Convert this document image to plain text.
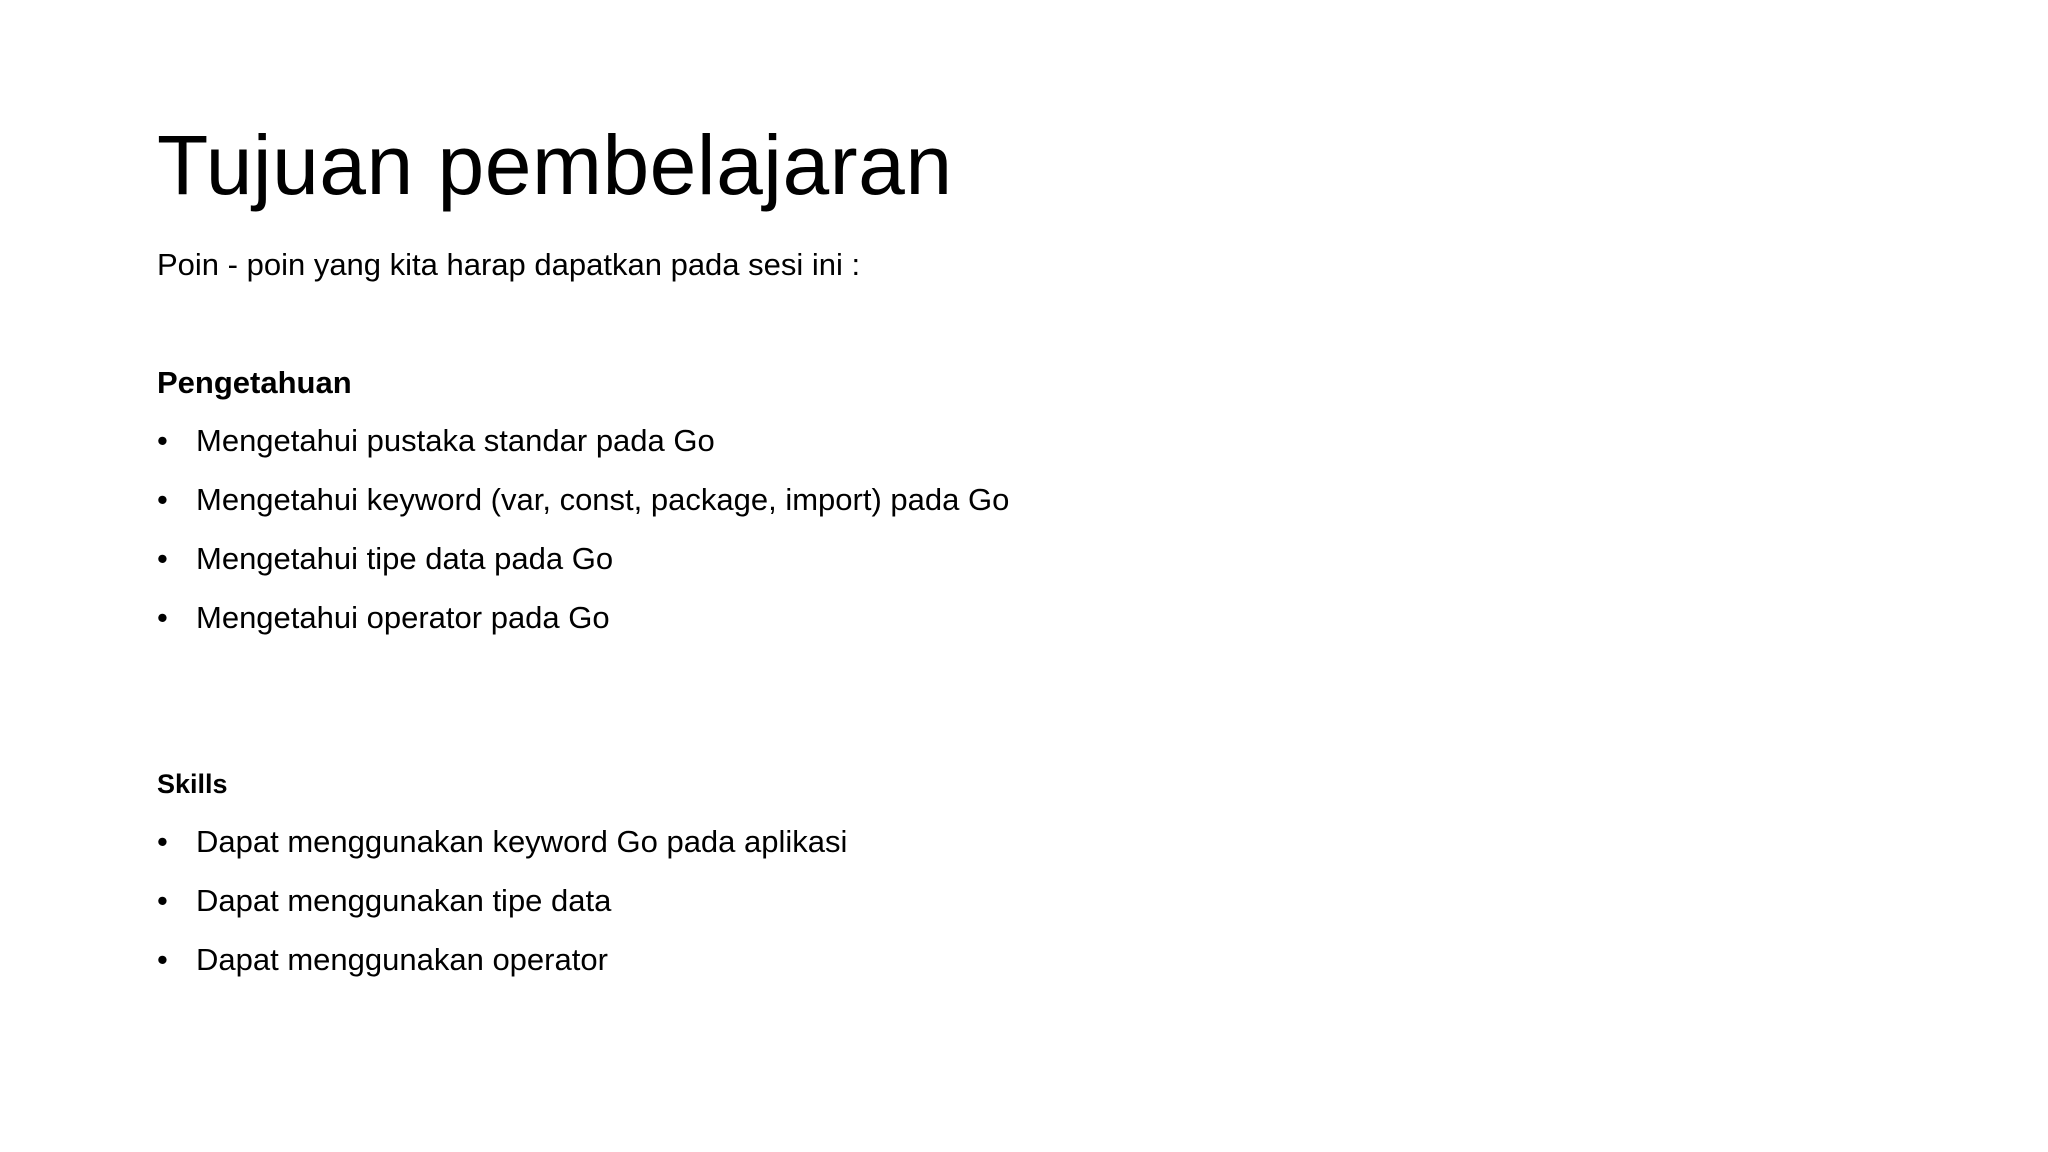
Tujuan pembelajaran
Poin - poin yang kita harap dapatkan pada sesi ini :
Pengetahuan
• Mengetahui pustaka standar pada Go
• Mengetahui keyword (var, const, package, import) pada Go
• Mengetahui tipe data pada Go
• Mengetahui operator pada Go
Skills
• Dapat menggunakan keyword Go pada aplikasi
• Dapat menggunakan tipe data
• Dapat menggunakan operator
